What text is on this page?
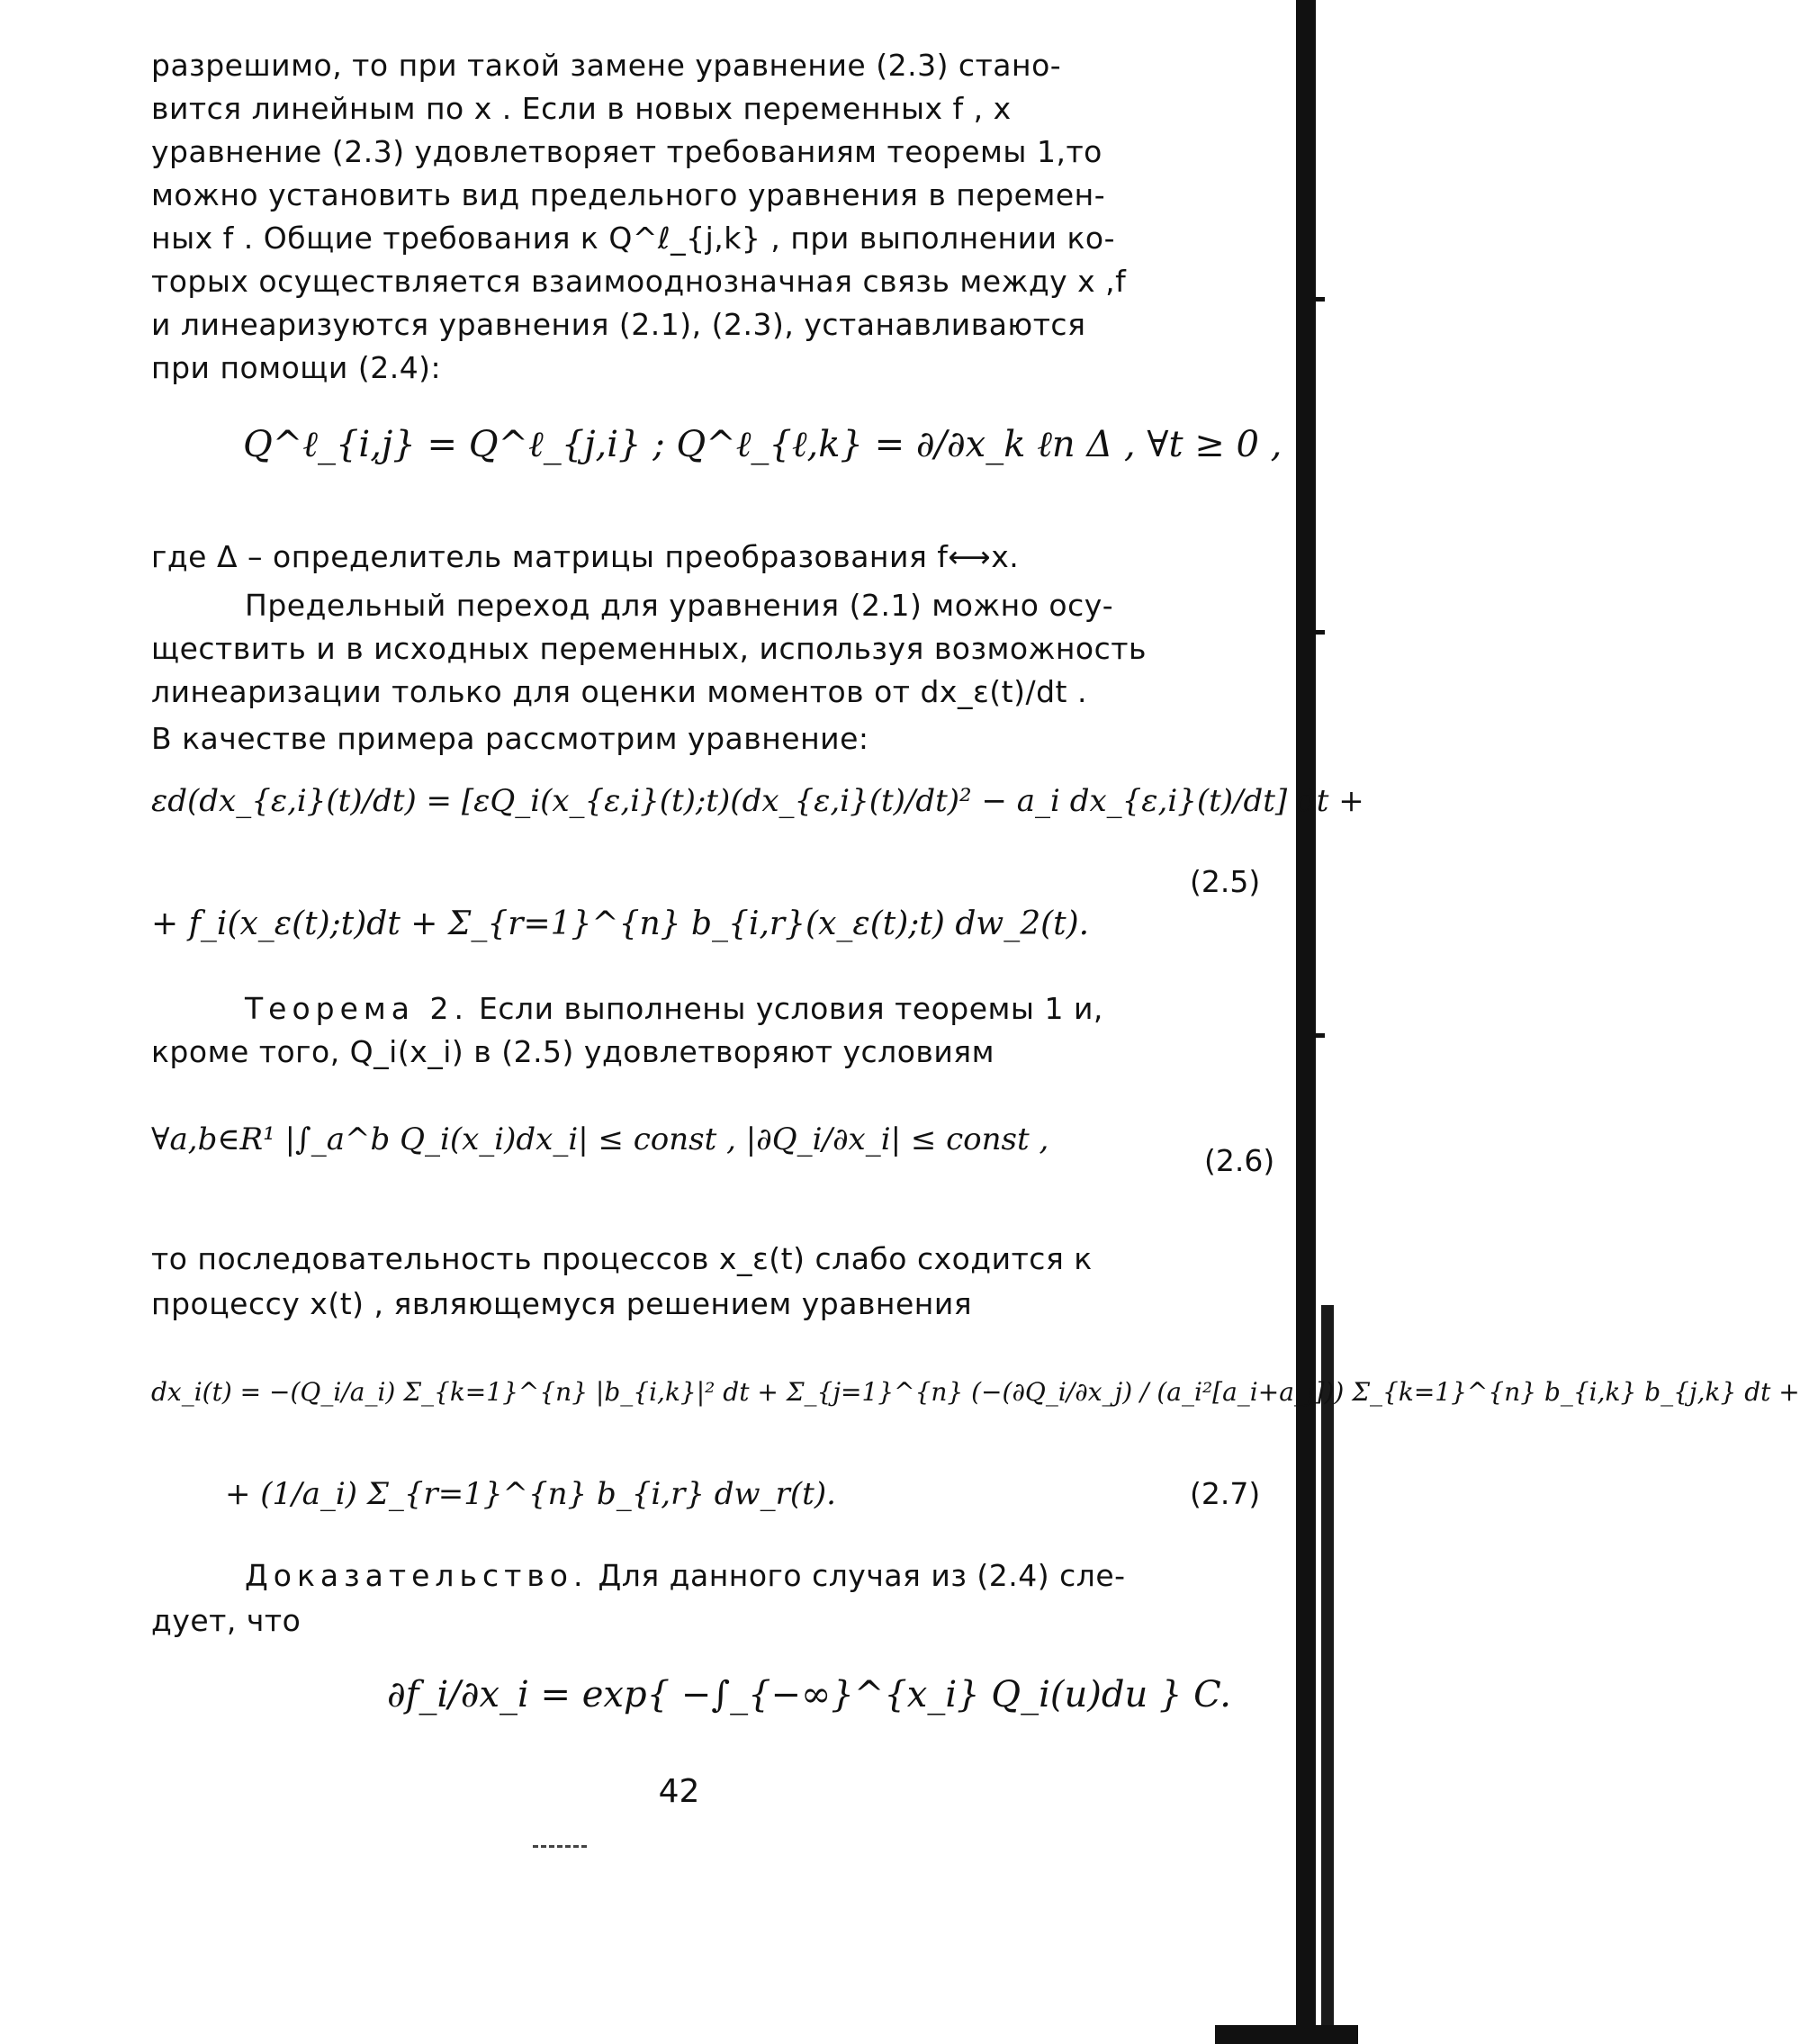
разрешимо, то при такой замене уравнение (2.3) стано-
вится линейным по x . Если в новых переменных f , x
уравнение (2.3) удовлетворяет требованиям теоремы 1,то
можно установить вид предельного уравнения в перемен-
ных f . Общие требования к Q^ℓ_{j,k} , при выполнении ко-
торых осуществляется взаимооднозначная связь между x ,f
и линеаризуются уравнения (2.1), (2.3), устанавливаются
при помощи (2.4):
Q^ℓ_{i,j} = Q^ℓ_{j,i} ; Q^ℓ_{ℓ,k} = ∂/∂x_k ℓn Δ , ∀t ≥ 0 ,
где Δ – определитель матрицы преобразования f⟷x.
Предельный переход для уравнения (2.1) можно осу-
ществить и в исходных переменных, используя возможность
линеаризации только для оценки моментов от dx_ε(t)/dt .
В качестве примера рассмотрим уравнение:
εd(dx_{ε,i}(t)/dt) = [εQ_i(x_{ε,i}(t);t)(dx_{ε,i}(t)/dt)² − a_i dx_{ε,i}(t)/dt] dt +
(2.5)
+ f_i(x_ε(t);t)dt + Σ_{r=1}^{n} b_{i,r}(x_ε(t);t) dw_2(t).
Теорема 2. Если выполнены условия теоремы 1 и,
кроме того, Q_i(x_i) в (2.5) удовлетворяют условиям
∀a,b∈R¹ |∫_a^b Q_i(x_i)dx_i| ≤ const , |∂Q_i/∂x_i| ≤ const ,
(2.6)
то последовательность процессов x_ε(t) слабо сходится к
процессу x(t) , являющемуся решением уравнения
dx_i(t) = −(Q_i/a_i) Σ_{k=1}^{n} |b_{i,k}|² dt + Σ_{j=1}^{n} (−(∂Q_i/∂x_j) / (a_i²[a_i+a_j])) Σ_{k=1}^{n} b_{i,k} b_{j,k} dt +
+ (1/a_i) Σ_{r=1}^{n} b_{i,r} dw_r(t).	(2.7)
Доказательство. Для данного случая из (2.4) сле-
дует, что
∂f_i/∂x_i = exp{ −∫_{−∞}^{x_i} Q_i(u)du } C.
42
